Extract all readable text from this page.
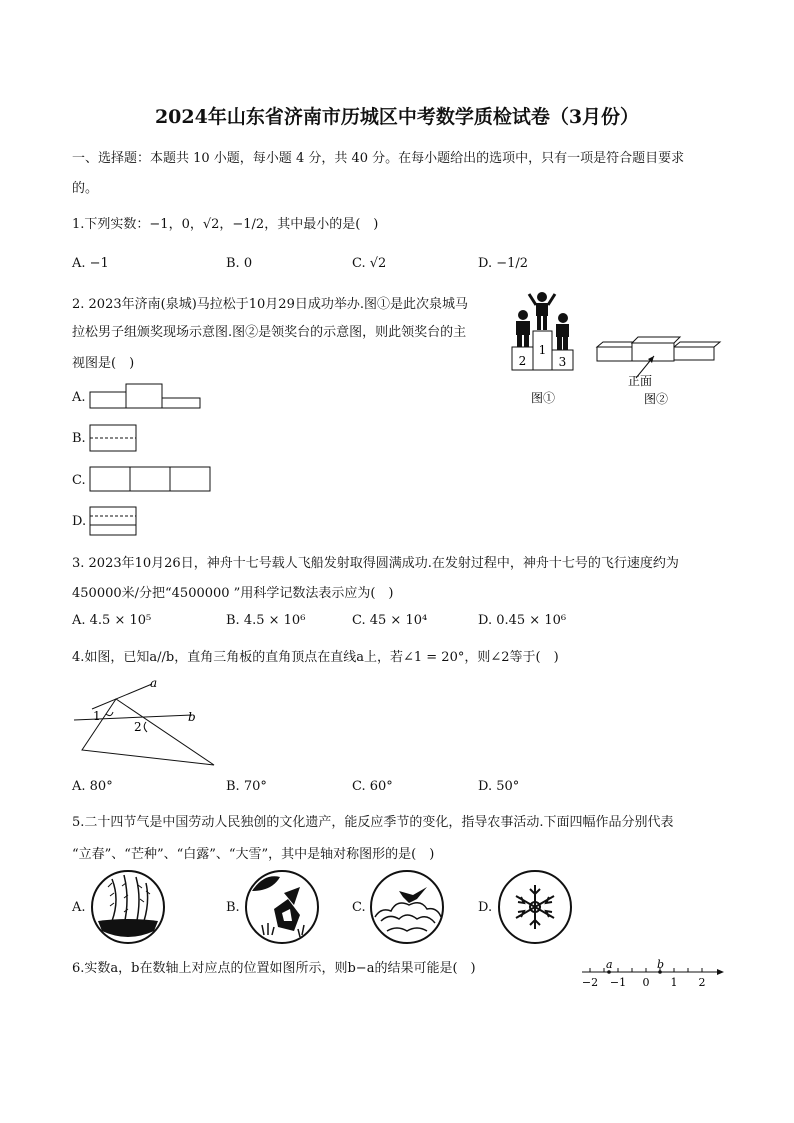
2024年山东省济南市历城区中考数学质检试卷（3月份）
一、选择题：本题共 10 小题，每小题 4 分，共 40 分。在每小题给出的选项中，只有一项是符合题目要求
的。
1.下列实数：−1，0，√2，−1/2，其中最小的是(　)
A. −1	B. 0	C. √2	D. −1/2
2. 2023年济南(泉城)马拉松于10月29日成功举办.图①是此次泉城马
拉松男子组颁奖现场示意图.图②是领奖台的示意图，则此领奖台的主
视图是(　)	2
1
3
图①
正面
图②
A.
B.
C.
D.
3. 2023年10月26日，神舟十七号载人飞船发射取得圆满成功.在发射过程中，神舟十七号的飞行速度约为
450000米/分把“4500000 ”用科学记数法表示应为(　)
A. 4.5 × 10⁵	B. 4.5 × 10⁶	C. 45 × 10⁴	D. 0.45 × 10⁶
4.如图，已知a//b，直角三角板的直角顶点在直线a上，若∠1 = 20°，则∠2等于(　)
a
b
1
2
A. 80°	B. 70°	C. 60°	D. 50°
5.二十四节气是中国劳动人民独创的文化遗产，能反应季节的变化，指导农事活动.下面四幅作品分别代表
“立春”、“芒种”、“白露”、“大雪”，其中是轴对称图形的是(　)
A.	B.	C.	D.
6.实数a，b在数轴上对应点的位置如图所示，则b−a的结果可能是(　)	a	b
−2 −1 0 1 2
